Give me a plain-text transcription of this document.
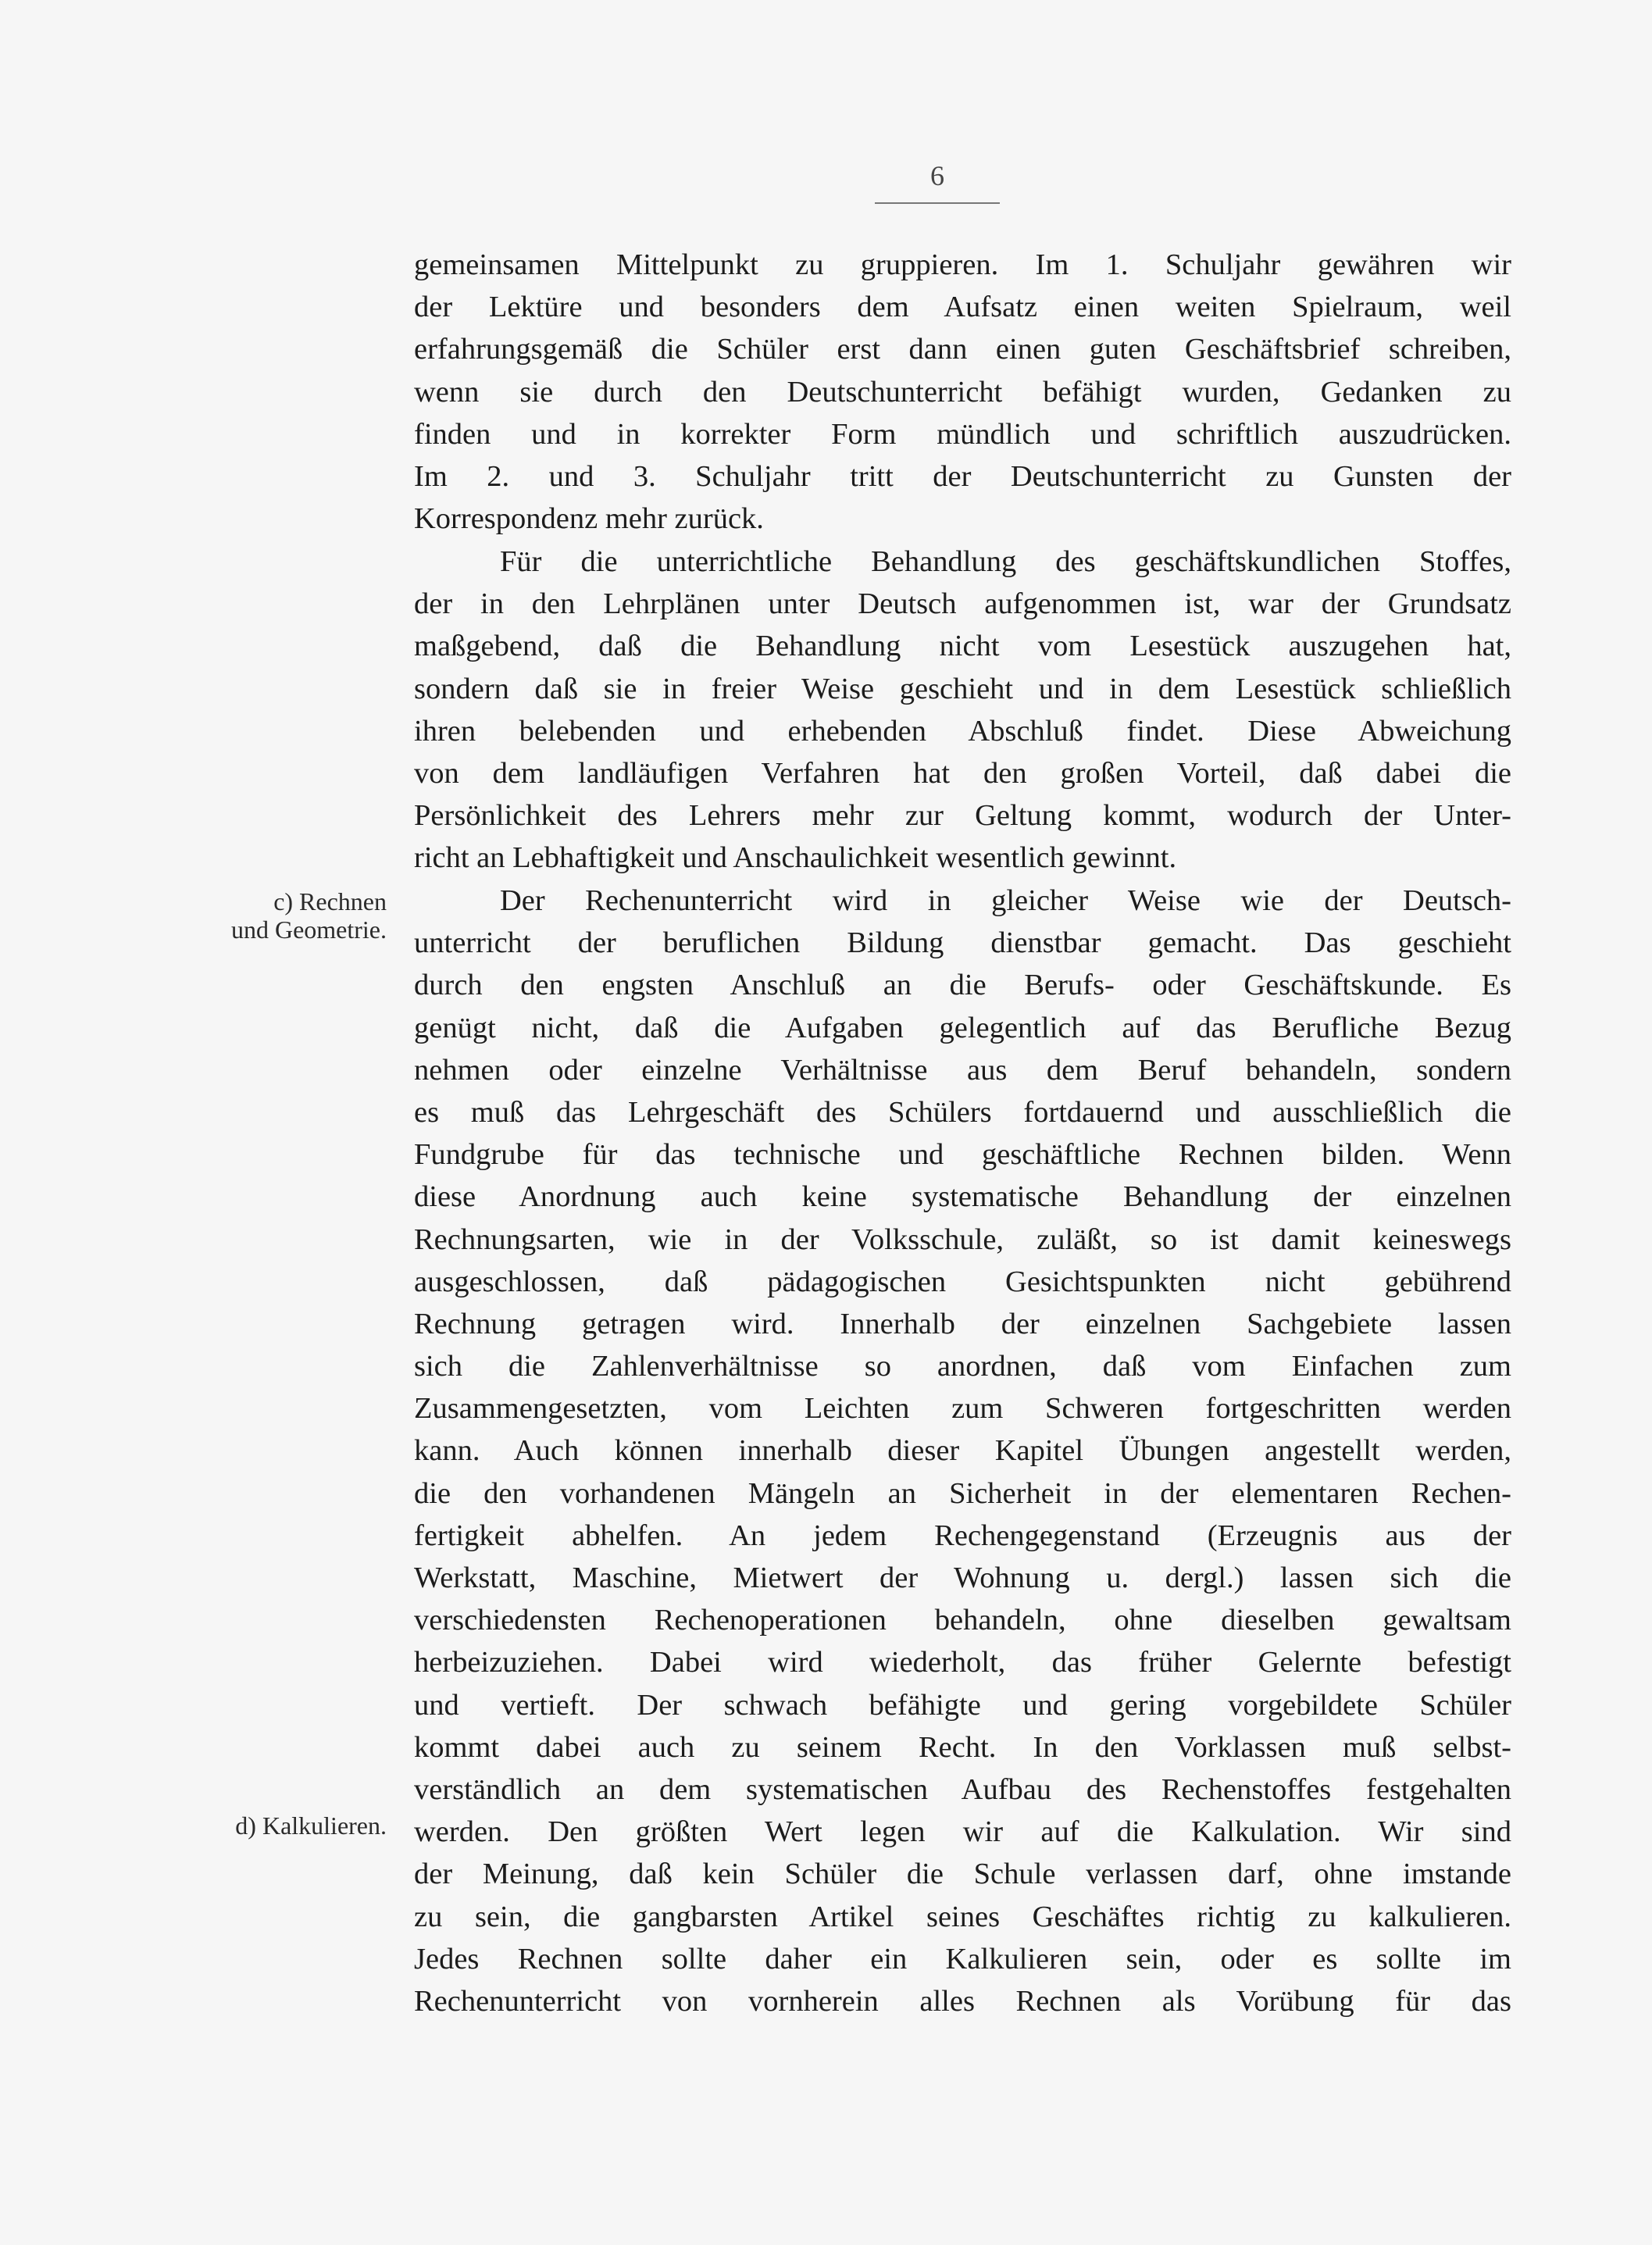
6
c) Rechnen
und Geometrie.
d) Kalkulieren.
gemeinsamen Mittelpunkt zu gruppieren. Im 1. Schuljahr gewähren wir
der Lektüre und besonders dem Aufsatz einen weiten Spielraum, weil
erfahrungsgemäß die Schüler erst dann einen guten Geschäftsbrief schreiben,
wenn sie durch den Deutschunterricht befähigt wurden, Gedanken zu
finden und in korrekter Form mündlich und schriftlich auszudrücken.
Im 2. und 3. Schuljahr tritt der Deutschunterricht zu Gunsten der
Korrespondenz mehr zurück.
Für die unterrichtliche Behandlung des geschäftskundlichen Stoffes,
der in den Lehrplänen unter Deutsch aufgenommen ist, war der Grundsatz
maßgebend, daß die Behandlung nicht vom Lesestück auszugehen hat,
sondern daß sie in freier Weise geschieht und in dem Lesestück schließlich
ihren belebenden und erhebenden Abschluß findet. Diese Abweichung
von dem landläufigen Verfahren hat den großen Vorteil, daß dabei die
Persönlichkeit des Lehrers mehr zur Geltung kommt, wodurch der Unter-
richt an Lebhaftigkeit und Anschaulichkeit wesentlich gewinnt.
Der Rechenunterricht wird in gleicher Weise wie der Deutsch-
unterricht der beruflichen Bildung dienstbar gemacht. Das geschieht
durch den engsten Anschluß an die Berufs- oder Geschäftskunde. Es
genügt nicht, daß die Aufgaben gelegentlich auf das Berufliche Bezug
nehmen oder einzelne Verhältnisse aus dem Beruf behandeln, sondern
es muß das Lehrgeschäft des Schülers fortdauernd und ausschließlich die
Fundgrube für das technische und geschäftliche Rechnen bilden. Wenn
diese Anordnung auch keine systematische Behandlung der einzelnen
Rechnungsarten, wie in der Volksschule, zuläßt, so ist damit keineswegs
ausgeschlossen, daß pädagogischen Gesichtspunkten nicht gebührend
Rechnung getragen wird. Innerhalb der einzelnen Sachgebiete lassen
sich die Zahlenverhältnisse so anordnen, daß vom Einfachen zum
Zusammengesetzten, vom Leichten zum Schweren fortgeschritten werden
kann. Auch können innerhalb dieser Kapitel Übungen angestellt werden,
die den vorhandenen Mängeln an Sicherheit in der elementaren Rechen-
fertigkeit abhelfen. An jedem Rechengegenstand (Erzeugnis aus der
Werkstatt, Maschine, Mietwert der Wohnung u. dergl.) lassen sich die
verschiedensten Rechenoperationen behandeln, ohne dieselben gewaltsam
herbeizuziehen. Dabei wird wiederholt, das früher Gelernte befestigt
und vertieft. Der schwach befähigte und gering vorgebildete Schüler
kommt dabei auch zu seinem Recht. In den Vorklassen muß selbst-
verständlich an dem systematischen Aufbau des Rechenstoffes festgehalten
werden. Den größten Wert legen wir auf die Kalkulation. Wir sind
der Meinung, daß kein Schüler die Schule verlassen darf, ohne imstande
zu sein, die gangbarsten Artikel seines Geschäftes richtig zu kalkulieren.
Jedes Rechnen sollte daher ein Kalkulieren sein, oder es sollte im
Rechenunterricht von vornherein alles Rechnen als Vorübung für das
